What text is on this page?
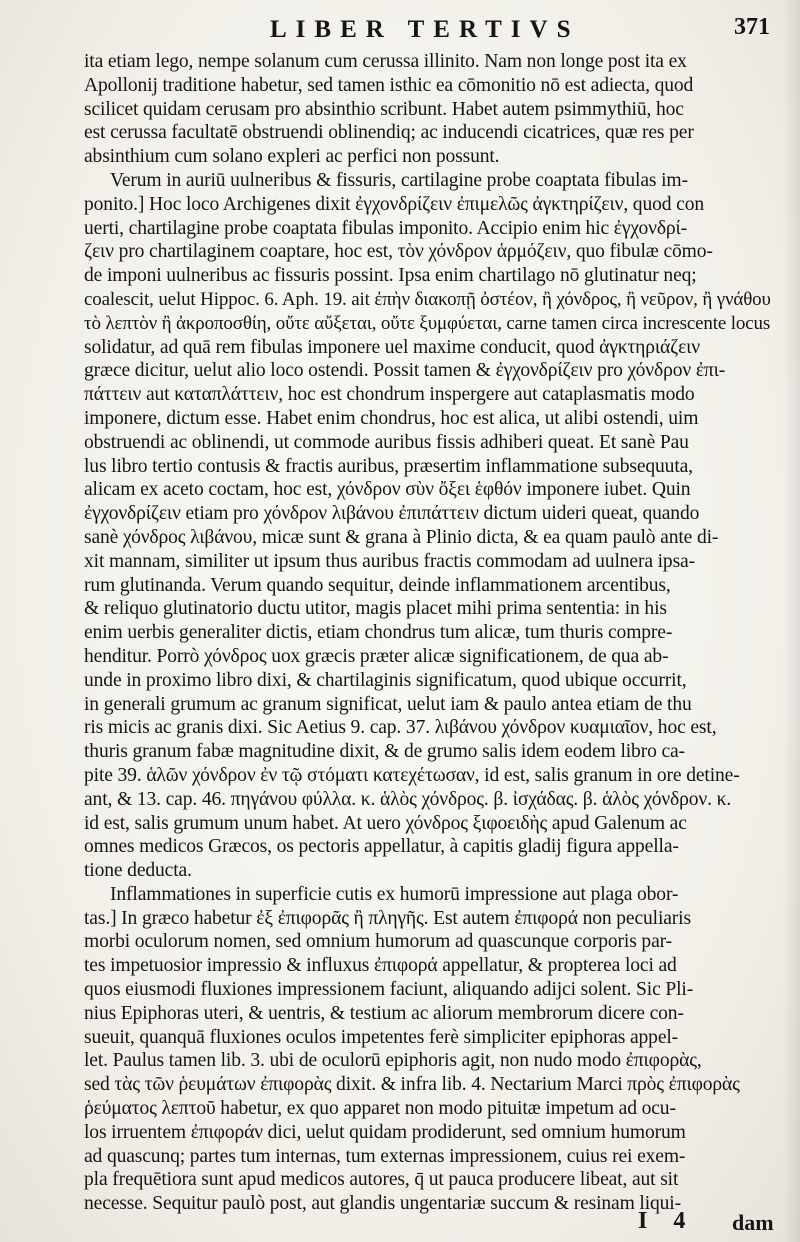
LIBER TERTIVS	371
ita etiam lego, nempe solanum cum cerussa illinito. Nam non longe post ita ex
Apollonij traditione habetur, sed tamen isthic ea cōmonitio nō est adiecta, quod
scilicet quidam cerusam pro absinthio scribunt. Habet autem psimmythiū, hoc
est cerussa facultatē obstruendi oblinendiq; ac inducendi cicatrices, quæ res per
absinthium cum solano expleri ac perfici non possunt.
Verum in auriū uulneribus & fissuris, cartilagine probe coaptata fibulas im-
ponito.] Hoc loco Archigenes dixit ἐγχονδρίζειν ἐπιμελῶς ἀγκτηρίζειν, quod con
uerti, chartilagine probe coaptata fibulas imponito. Accipio enim hic ἐγχονδρί-
ζειν pro chartilaginem coaptare, hoc est, τὸν χόνδρον ἁρμόζειν, quo fibulæ cōmo-
de imponi uulneribus ac fissuris possint. Ipsa enim chartilago nō glutinatur neq;
coalescit, uelut Hippoc. 6. Aph. 19. ait ἐπὴν διακοπῇ ὀστέον, ἢ χόνδρος, ἢ νεῦρον, ἢ γνάθου
τὸ λεπτὸν ἢ ἀκροποσθίη, οὔτε αὔξεται, οὔτε ξυμφύεται, carne tamen circa increscente locus
solidatur, ad quā rem fibulas imponere uel maxime conducit, quod ἀγκτηριάζειν
græce dicitur, uelut alio loco ostendi. Possit tamen & ἐγχονδρίζειν pro χόνδρον ἐπι-
πάττειν aut καταπλάττειν, hoc est chondrum inspergere aut cataplasmatis modo
imponere, dictum esse. Habet enim chondrus, hoc est alica, ut alibi ostendi, uim
obstruendi ac oblinendi, ut commode auribus fissis adhiberi queat. Et sanè Pau
lus libro tertio contusis & fractis auribus, præsertim inflammatione subsequuta,
alicam ex aceto coctam, hoc est, χόνδρον σὺν ὄξει ἑφθόν imponere iubet. Quin
ἐγχονδρίζειν etiam pro χόνδρον λιβάνου ἐπιπάττειν dictum uideri queat, quando
sanè χόνδρος λιβάνου, micæ sunt & grana à Plinio dicta, & ea quam paulò ante di-
xit mannam, similiter ut ipsum thus auribus fractis commodam ad uulnera ipsa-
rum glutinanda. Verum quando sequitur, deinde inflammationem arcentibus,
& reliquo glutinatorio ductu utitor, magis placet mihi prima sententia: in his
enim uerbis generaliter dictis, etiam chondrus tum alicæ, tum thuris compre-
henditur. Porrò χόνδρος uox græcis præter alicæ significationem, de qua ab-
unde in proximo libro dixi, & chartilaginis significatum, quod ubique occurrit,
in generali grumum ac granum significat, uelut iam & paulo antea etiam de thu
ris micis ac granis dixi. Sic Aetius 9. cap. 37. λιβάνου χόνδρον κυαμιαῖον, hoc est,
thuris granum fabæ magnitudine dixit, & de grumo salis idem eodem libro ca-
pite 39. ἁλῶν χόνδρον ἐν τῷ στόματι κατεχέτωσαν, id est, salis granum in ore detine-
ant, & 13. cap. 46. πηγάνου φύλλα. κ. ἁλὸς χόνδρος. β. ἰσχάδας. β. ἁλὸς χόνδρον. κ.
id est, salis grumum unum habet. At uero χόνδρος ξιφοειδὴς apud Galenum ac
omnes medicos Græcos, os pectoris appellatur, à capitis gladij figura appella-
tione deducta.
Inflammationes in superficie cutis ex humorū impressione aut plaga obor-
tas.] In græco habetur ἐξ ἐπιφορᾶς ἢ πληγῆς. Est autem ἐπιφορά non peculiaris
morbi oculorum nomen, sed omnium humorum ad quascunque corporis par-
tes impetuosior impressio & influxus ἐπιφορά appellatur, & propterea loci ad
quos eiusmodi fluxiones impressionem faciunt, aliquando adijci solent. Sic Pli-
nius Epiphoras uteri, & uentris, & testium ac aliorum membrorum dicere con-
sueuit, quanquā fluxiones oculos impetentes ferè simpliciter epiphoras appel-
let. Paulus tamen lib. 3. ubi de oculorū epiphoris agit, non nudo modo ἐπιφορὰς,
sed τὰς τῶν ῥευμάτων ἐπιφορὰς dixit. & infra lib. 4. Nectarium Marci πρὸς ἐπιφορὰς
ῥεύματος λεπτοῦ habetur, ex quo apparet non modo pituitæ impetum ad ocu-
los irruentem ἐπιφοράν dici, uelut quidam prodiderunt, sed omnium humorum
ad quascunq; partes tum internas, tum externas impressionem, cuius rei exem-
pla frequētiora sunt apud medicos autores, q̄ ut pauca producere libeat, aut sit
necesse. Sequitur paulò post, aut glandis ungentariæ succum & resinam liqui-
I 4 dam
